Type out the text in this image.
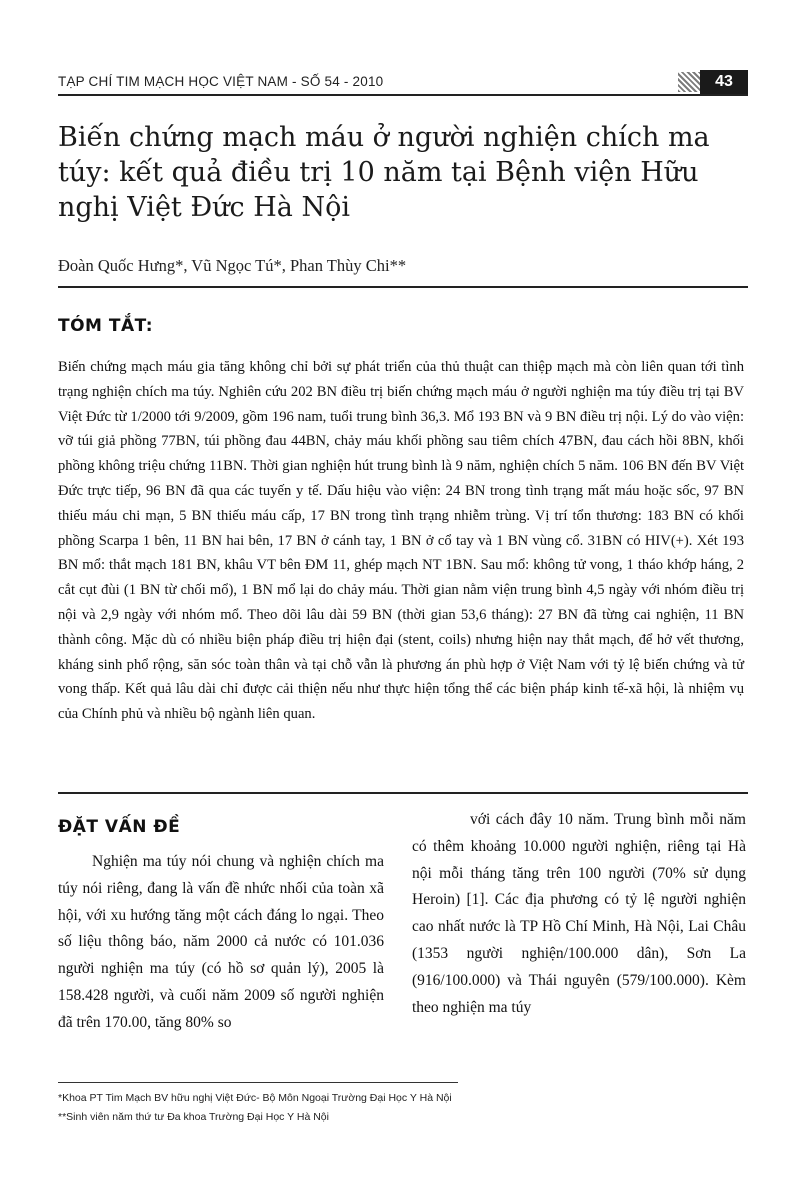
TẠP CHÍ TIM MẠCH HỌC VIỆT NAM - SỐ 54 - 2010	43
Biến chứng mạch máu ở người nghiện chích ma túy: kết quả điều trị 10 năm tại Bệnh viện Hữu nghị Việt Đức Hà Nội
Đoàn Quốc Hưng*, Vũ Ngọc Tú*, Phan Thùy Chi**
TÓM TẮT:

Biến chứng mạch máu gia tăng không chỉ bởi sự phát triển của thủ thuật can thiệp mạch mà còn liên quan tới tình trạng nghiện chích ma túy. Nghiên cứu 202 BN điều trị biến chứng mạch máu ở người nghiện ma túy điều trị tại BV Việt Đức từ 1/2000 tới 9/2009, gồm 196 nam, tuổi trung bình 36,3. Mổ 193 BN và 9 BN điều trị nội. Lý do vào viện: vỡ túi giả phồng 77BN, túi phồng đau 44BN, chảy máu khối phồng sau tiêm chích 47BN, đau cách hồi 8BN, khối phồng không triệu chứng 11BN. Thời gian nghiện hút trung bình là 9 năm, nghiện chích 5 năm. 106 BN đến BV Việt Đức trực tiếp, 96 BN đã qua các tuyến y tế. Dấu hiệu vào viện: 24 BN trong tình trạng mất máu hoặc sốc, 97 BN thiếu máu chi mạn, 5 BN thiếu máu cấp, 17 BN trong tình trạng nhiễm trùng. Vị trí tổn thương: 183 BN có khối phồng Scarpa 1 bên, 11 BN hai bên, 17 BN ở cánh tay, 1 BN ở cổ tay và 1 BN vùng cổ. 31BN có HIV(+). Xét 193 BN mổ: thắt mạch 181 BN, khâu VT bên ĐM 11, ghép mạch NT 1BN. Sau mổ: không tử vong, 1 tháo khớp háng, 2 cắt cụt đùi (1 BN từ chối mổ), 1 BN mổ lại do chảy máu. Thời gian nằm viện trung bình 4,5 ngày với nhóm điều trị nội và 2,9 ngày với nhóm mổ. Theo dõi lâu dài 59 BN (thời gian 53,6 tháng): 27 BN đã từng cai nghiện, 11 BN thành công. Mặc dù có nhiều biện pháp điều trị hiện đại (stent, coils) nhưng hiện nay thắt mạch, để hở vết thương, kháng sinh phổ rộng, săn sóc toàn thân và tại chỗ vẫn là phương án phù hợp ở Việt Nam với tỷ lệ biến chứng và tử vong thấp. Kết quả lâu dài chỉ được cải thiện nếu như thực hiện tổng thể các biện pháp kinh tế-xã hội, là nhiệm vụ của Chính phủ và nhiều bộ ngành liên quan.

ĐẶT VẤN ĐỀ

Nghiện ma túy nói chung và nghiện chích ma túy nói riêng, đang là vấn đề nhức nhối của toàn xã hội, với xu hướng tăng một cách đáng lo ngại. Theo số liệu thông báo, năm 2000 cả nước có 101.036 người nghiện ma túy (có hồ sơ quản lý), 2005 là 158.428 người, và cuối năm 2009 số người nghiện đã trên 170.00, tăng 80% so

với cách đây 10 năm. Trung bình mỗi năm có thêm khoảng 10.000 người nghiện, riêng tại Hà nội mỗi tháng tăng trên 100 người (70% sử dụng Heroin) [1]. Các địa phương có tỷ lệ người nghiện cao nhất nước là TP Hồ Chí Minh, Hà Nội, Lai Châu (1353 người nghiện/100.000 dân), Sơn La (916/100.000) và Thái nguyên (579/100.000). Kèm theo nghiện ma túy

*Khoa PT Tim Mạch BV hữu nghị Việt Đức- Bộ Môn Ngoại Trường Đại Học Y Hà Nội
**Sinh viên năm thứ tư Đa khoa Trường Đại Học Y Hà Nội
